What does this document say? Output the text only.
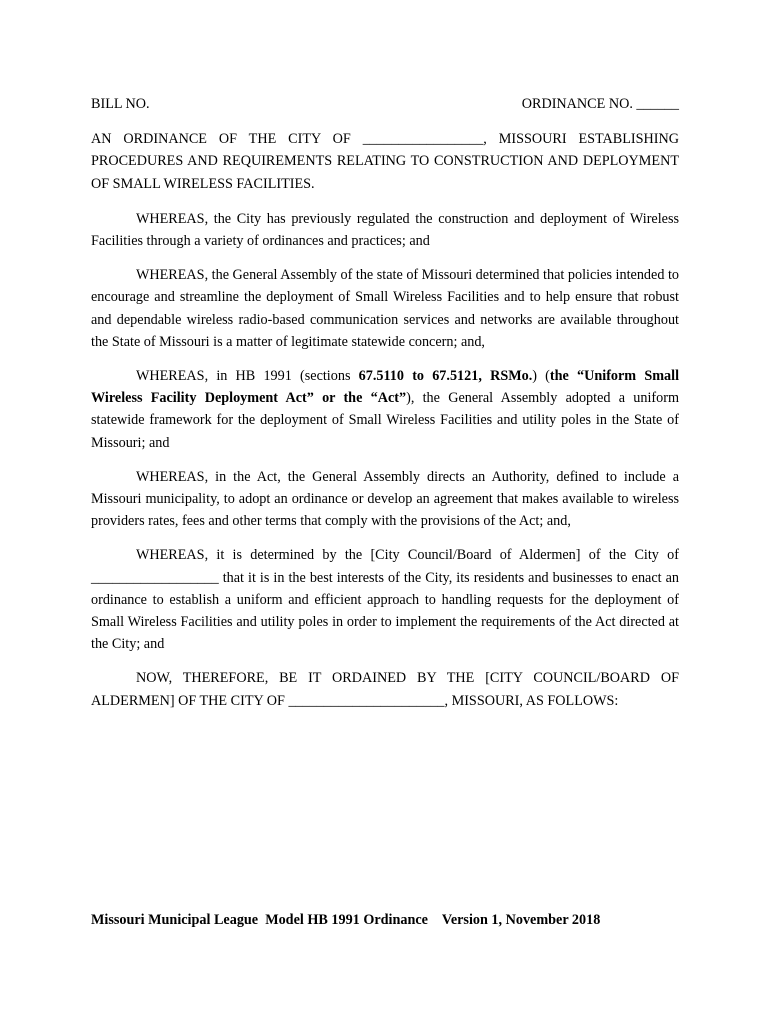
BILL NO.	ORDINANCE NO. ______
AN ORDINANCE OF THE CITY OF _________________, MISSOURI ESTABLISHING PROCEDURES AND REQUIREMENTS RELATING TO CONSTRUCTION AND DEPLOYMENT OF SMALL WIRELESS FACILITIES.

WHEREAS, the City has previously regulated the construction and deployment of Wireless Facilities through a variety of ordinances and practices; and

WHEREAS, the General Assembly of the state of Missouri determined that policies intended to encourage and streamline the deployment of Small Wireless Facilities and to help ensure that robust and dependable wireless radio-based communication services and networks are available throughout the State of Missouri is a matter of legitimate statewide concern; and,

WHEREAS, in HB 1991 (sections 67.5110 to 67.5121, RSMo.) (the “Uniform Small Wireless Facility Deployment Act” or the “Act”), the General Assembly adopted a uniform statewide framework for the deployment of Small Wireless Facilities and utility poles in the State of Missouri; and

WHEREAS, in the Act, the General Assembly directs an Authority, defined to include a Missouri municipality, to adopt an ordinance or develop an agreement that makes available to wireless providers rates, fees and other terms that comply with the provisions of the Act; and,

WHEREAS, it is determined by the [City Council/Board of Aldermen] of the City of __________________ that it is in the best interests of the City, its residents and businesses to enact an ordinance to establish a uniform and efficient approach to handling requests for the deployment of Small Wireless Facilities and utility poles in order to implement the requirements of the Act directed at the City; and

NOW, THEREFORE, BE IT ORDAINED BY THE [CITY COUNCIL/BOARD OF ALDERMEN] OF THE CITY OF ______________________, MISSOURI, AS FOLLOWS:

Missouri Municipal League  Model HB 1991 Ordinance    Version 1, November 2018
